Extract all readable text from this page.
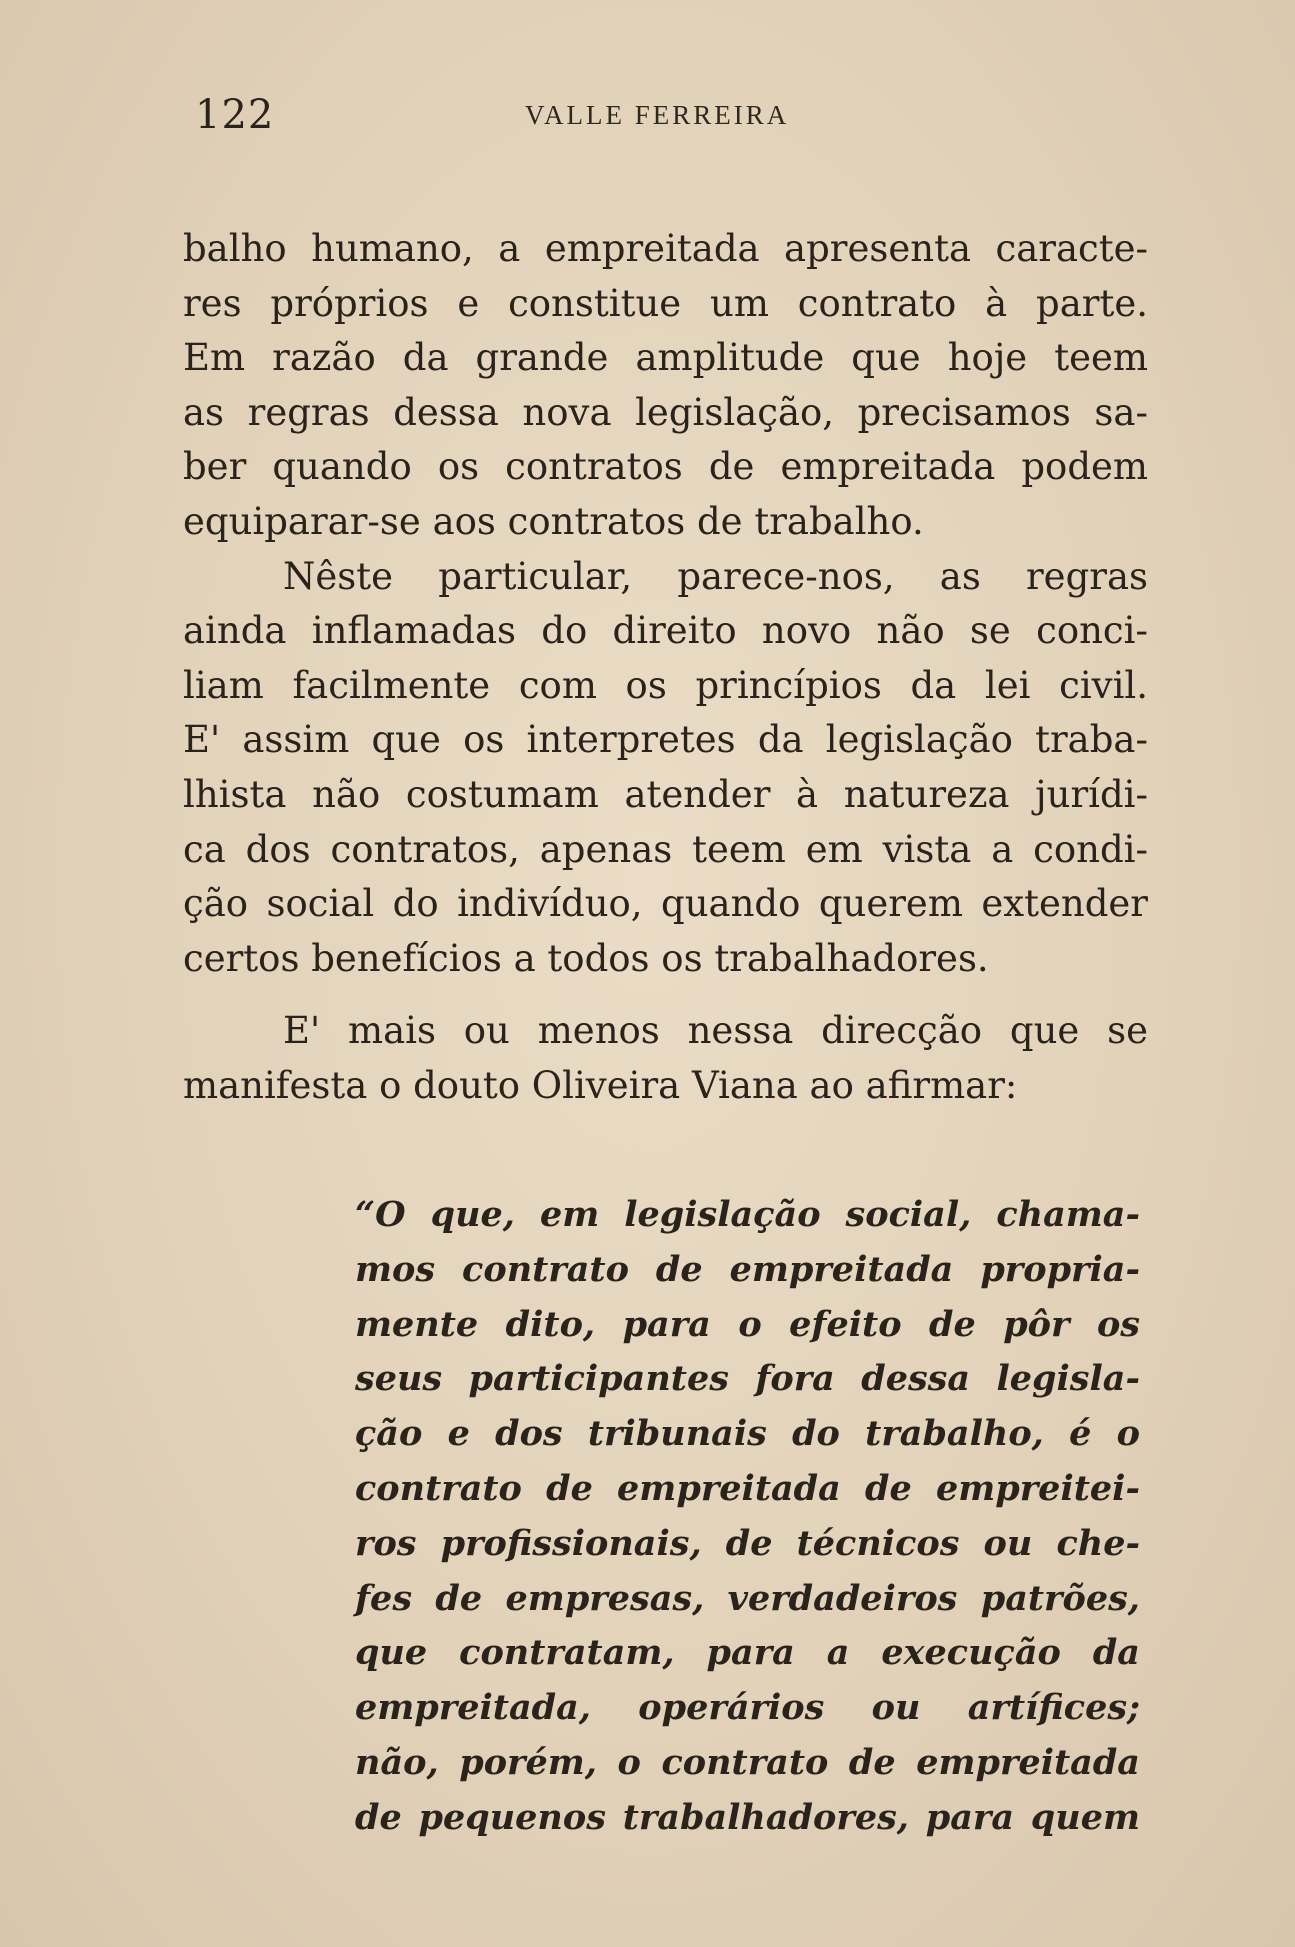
122	VALLE FERREIRA
balho humano, a empreitada apresenta caracte-
res próprios e constitue um contrato à parte.
Em razão da grande amplitude que hoje teem
as regras dessa nova legislação, precisamos sa-
ber quando os contratos de empreitada podem
equiparar-se aos contratos de trabalho.
Nêste particular, parece-nos, as regras
ainda inflamadas do direito novo não se conci-
liam facilmente com os princípios da lei civil.
E' assim que os interpretes da legislação traba-
lhista não costumam atender à natureza jurídi-
ca dos contratos, apenas teem em vista a condi-
ção social do indivíduo, quando querem extender
certos benefícios a todos os trabalhadores.
E' mais ou menos nessa direcção que se
manifesta o douto Oliveira Viana ao afirmar:
“O que, em legislação social, chama-
mos contrato de empreitada propria-
mente dito, para o efeito de pôr os
seus participantes fora dessa legisla-
ção e dos tribunais do trabalho, é o
contrato de empreitada de empreitei-
ros profissionais, de técnicos ou che-
fes de empresas, verdadeiros patrões,
que contratam, para a execução da
empreitada, operários ou artífices;
não, porém, o contrato de empreitada
de pequenos trabalhadores, para quem
